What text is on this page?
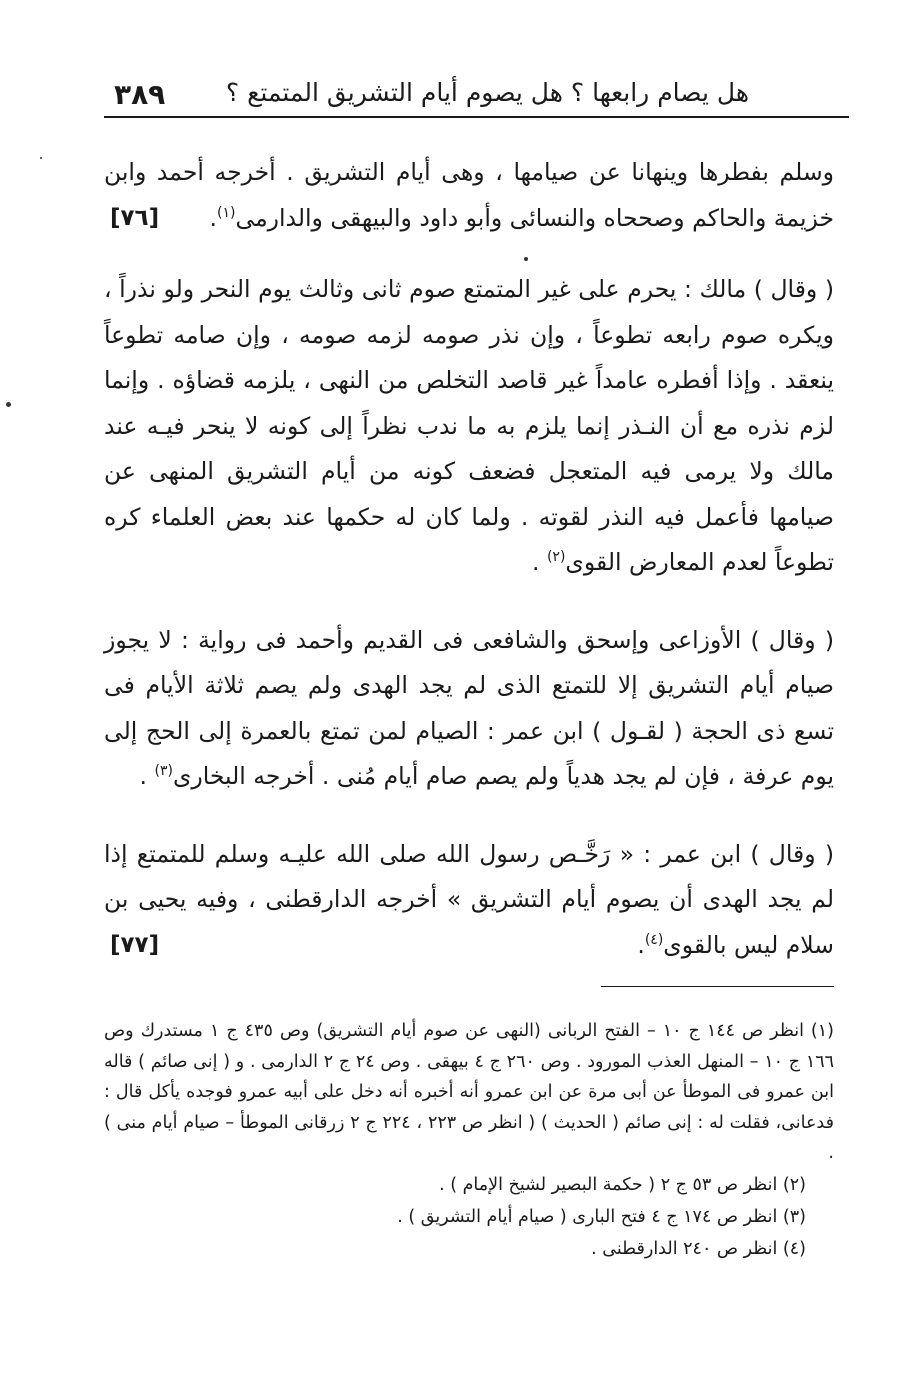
٣٨٩ هل يصام رابعها ؟ هل يصوم أيام التشريق المتمتع ؟

وسلم بفطرها وينهانا عن صيامها ، وهى أيام التشريق . أخرجه أحمد وابن خزيمة والحاكم وصححاه والنسائى وأبو داود والبيهقى والدارمى$^{(١)}$.
[٧٦]

( وقال ) مالك : يحرم على غير المتمتع صوم ثانى وثالث يوم النحر ولو نذراً ، ويكره صوم رابعه تطوعاً ، وإن نذر صومه لزمه صومه ، وإن صامه تطوعاً ينعقد . وإذا أفطره عامداً غير قاصد التخلص من النهى ، يلزمه قضاؤه . وإنما لزم نذره مع أن النـذر إنما يلزم به ما ندب نظراً إلى كونه لا ينحر فيـه عند مالك ولا يرمى فيه المتعجل فضعف كونه من أيام التشريق المنهى عن صيامها فأعمل فيه النذر لقوته . ولما كان له حكمها عند بعض العلماء كره تطوعاً لعدم المعارض القوى$^{(٢)}$ .

( وقال ) الأوزاعى وإسحق والشافعى فى القديم وأحمد فى رواية : لا يجوز صيام أيام التشريق إلا للتمتع الذى لم يجد الهدى ولم يصم ثلاثة الأيام فى تسع ذى الحجة ( لقـول ) ابن عمر : الصيام لمن تمتع بالعمرة إلى الحج إلى يوم عرفة ، فإن لم يجد هدياً ولم يصم صام أيام مُنى . أخرجه البخارى$^{(٣)}$ .

( وقال ) ابن عمر : « رَخَّـص رسول الله صلى الله عليـه وسلم للمتمتع إذا لم يجد الهدى أن يصوم أيام التشريق » أخرجه الدارقطنى ، وفيه يحيى بن سلام ليس بالقوى$^{(٤)}$.
[٧٧]

(١) انظر ص ١٤٤ ج ١٠ – الفتح الربانى (النهى عن صوم أيام التشريق) وص ٤٣٥ ج ١ مستدرك وص ١٦٦ ج ١٠ – المنهل العذب المورود . وص ٢٦٠ ج ٤ بيهقى . وص ٢٤ ج ٢ الدارمى . و ( إنى صائم ) قاله ابن عمرو فى الموطأ عن أبى مرة عن ابن عمرو أنه أخبره أنه دخل على أبيه عمرو فوجده يأكل قال : فدعانى، فقلت له : إنى صائم ( الحديث ) ( انظر ص ٢٢٣ ، ٢٢٤ ج ٢ زرقانى الموطأ – صيام أيام منى ) .

(٢) انظر ص ٥٣ ج ٢ ( حكمة البصير لشيخ الإمام ) .

(٣) انظر ص ١٧٤ ج ٤ فتح البارى ( صيام أيام التشريق ) .

(٤) انظر ص ٢٤٠ الدارقطنى .
